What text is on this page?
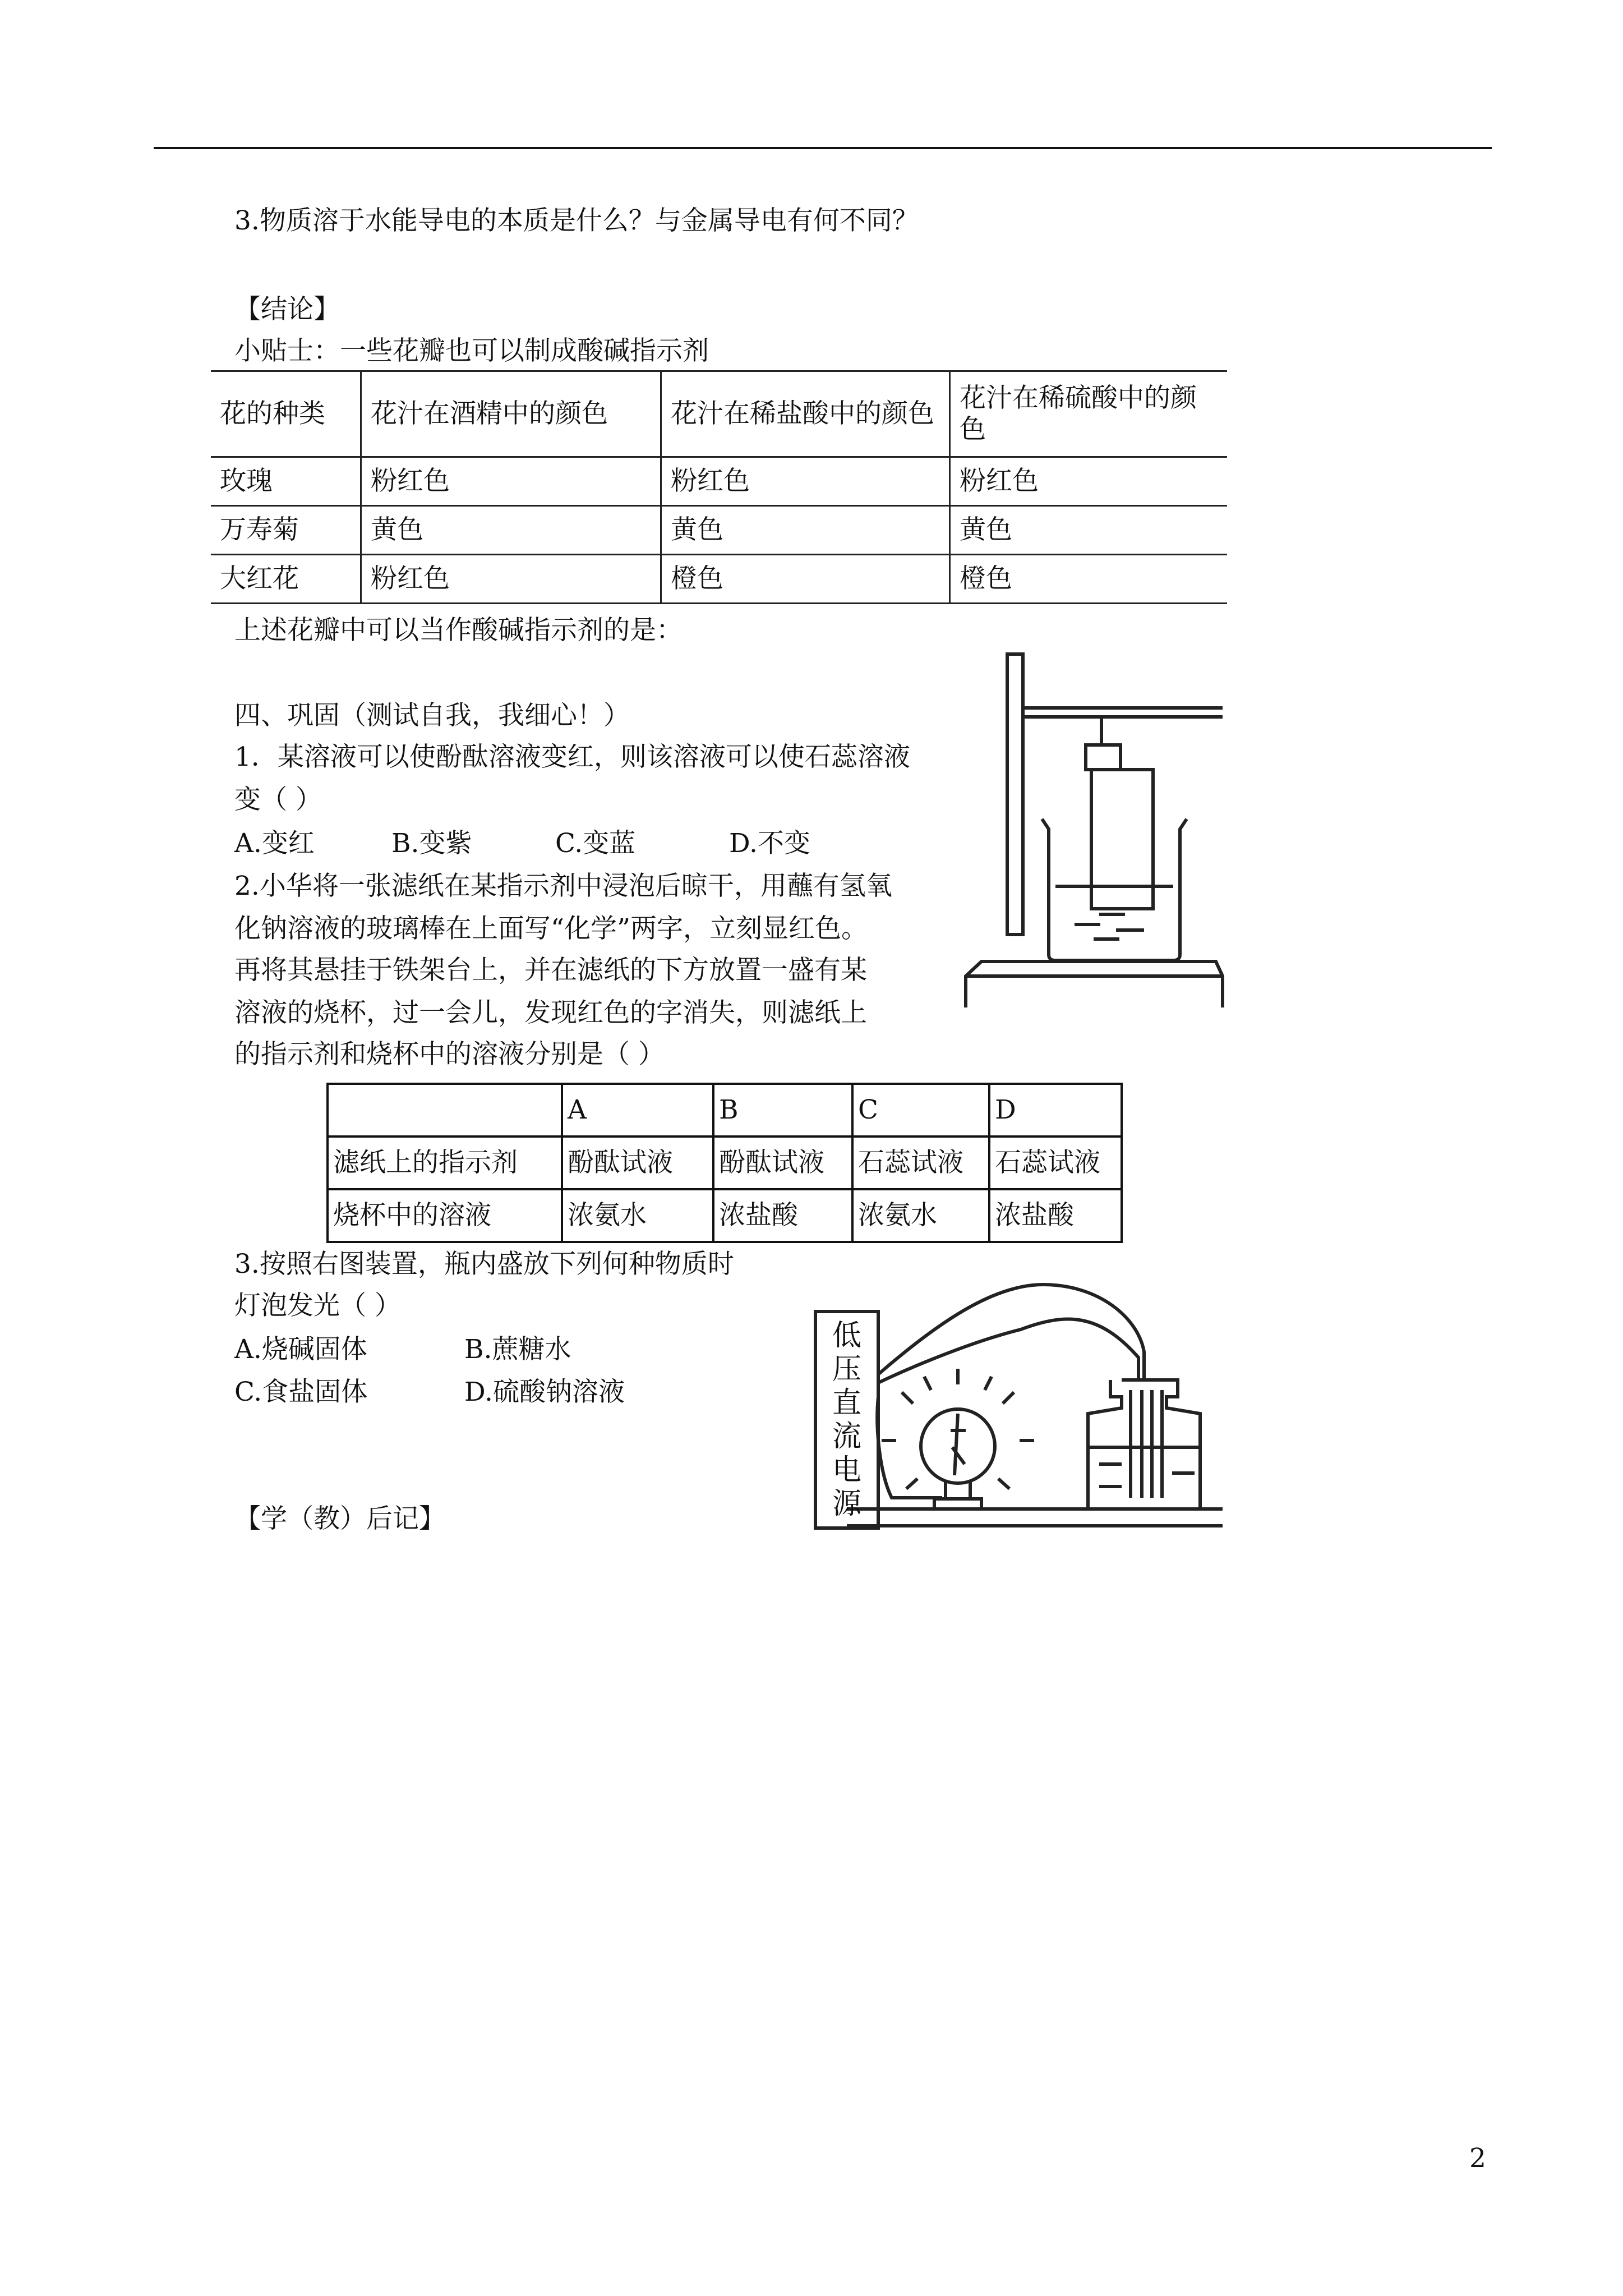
3.物质溶于水能导电的本质是什么？与金属导电有何不同？
【结论】
小贴士：一些花瓣也可以制成酸碱指示剂
花的种类	花汁在酒精中的颜色	花汁在稀盐酸中的颜色	花汁在稀硫酸中的颜色
玫瑰	粉红色	粉红色	粉红色
万寿菊	黄色	黄色	黄色
大红花	粉红色	橙色	橙色
上述花瓣中可以当作酸碱指示剂的是：
四、巩固（测试自我，我细心！）
1．某溶液可以使酚酞溶液变红，则该溶液可以使石蕊溶液
变（ ）
A.变红	B.变紫	C.变蓝	D.不变
2.小华将一张滤纸在某指示剂中浸泡后晾干，用蘸有氢氧
化钠溶液的玻璃棒在上面写“化学”两字，立刻显红色。
再将其悬挂于铁架台上，并在滤纸的下方放置一盛有某
溶液的烧杯，过一会儿，发现红色的字消失，则滤纸上
的指示剂和烧杯中的溶液分别是（ ）
	A	B	C	D
滤纸上的指示剂	酚酞试液	酚酞试液	石蕊试液	石蕊试液
烧杯中的溶液	浓氨水	浓盐酸	浓氨水	浓盐酸
3.按照右图装置，瓶内盛放下列何种物质时
灯泡发光（ ）
A.烧碱固体	B.蔗糖水
C.食盐固体	D.硫酸钠溶液
【学（教）后记】
2
低
压
直
流
电
源
